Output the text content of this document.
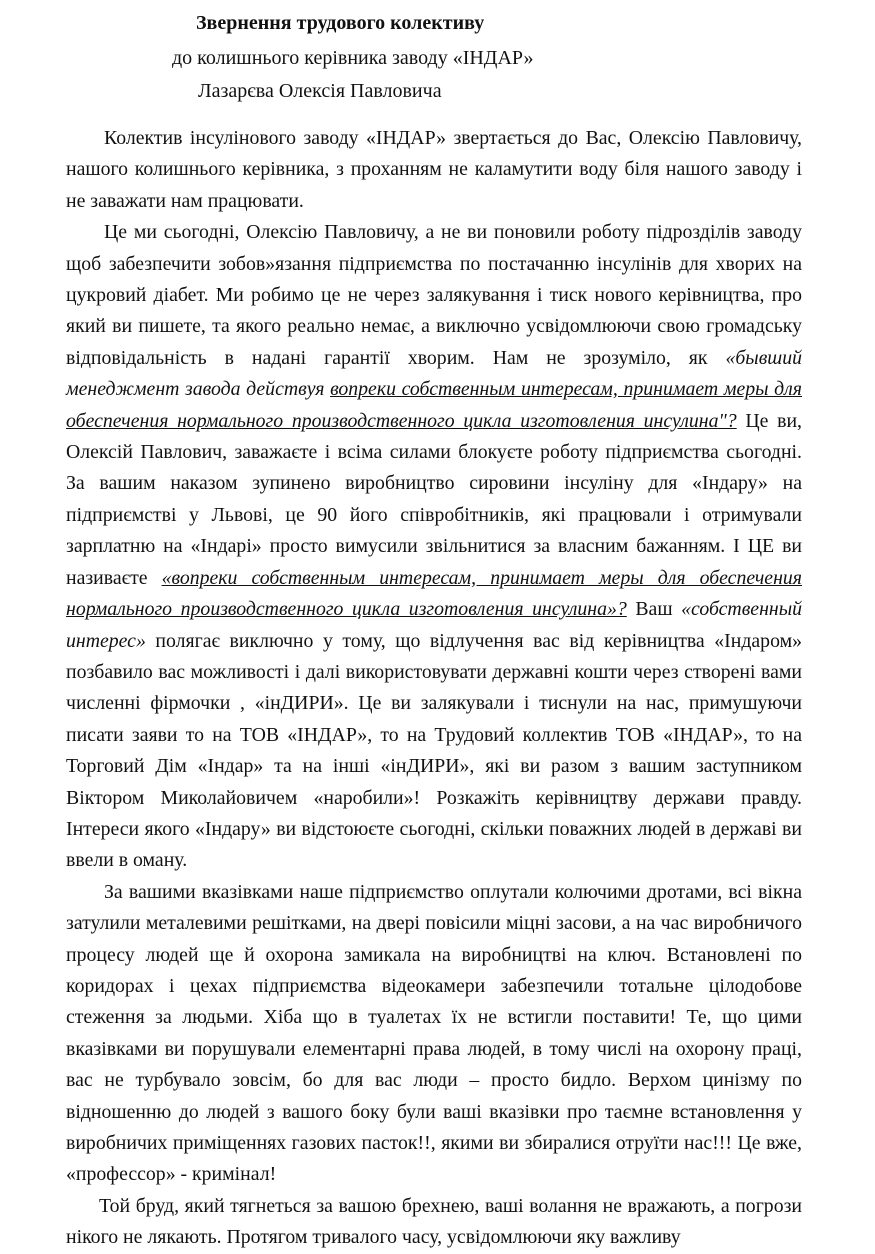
Звернення трудового колективу
до колишнього керівника заводу «ІНДАР»
Лазарєва Олексія Павловича

Колектив інсулінового заводу «ІНДАР» звертається до Вас, Олексію Павловичу, нашого колишнього керівника, з проханням не каламутити воду біля нашого заводу і не заважати нам працювати.

Це ми сьогодні, Олексію Павловичу, а не ви поновили роботу підрозділів заводу щоб забезпечити зобов»язання підприємства по постачанню інсулінів для хворих на цукровий діабет. Ми робимо це не через залякування і тиск нового керівництва, про який ви пишете, та якого реально немає, а виключно усвідомлюючи свою громадську відповідальність в надані гарантії хворим. Нам не зрозуміло, як «бывший менеджмент завода действуя вопреки собственным интересам, принимает меры для обеспечения нормального производственного цикла изготовления инсулина"? Це ви, Олексій Павлович, заважаєте і всіма силами блокуєте роботу підприємства сьогодні. За вашим наказом зупинено виробництво сировини інсуліну для «Індару» на підприємстві у Львові, це 90 його співробітників, які працювали і отримували зарплатню на «Індарі» просто вимусили звільнитися за власним бажанням. І ЦЕ ви називаєте «вопреки собственным интересам, принимает меры для обеспечения нормального производственного цикла изготовления инсулина»? Ваш «собственный интерес» полягає виключно у тому, що відлучення вас від керівництва «Індаром» позбавило вас можливості і далі використовувати державні кошти через створені вами численні фірмочки , «інДИРИ». Це ви залякували і тиснули на нас, примушуючи писати заяви то на ТОВ «ІНДАР», то на Трудовий коллектив ТОВ «ІНДАР», то на Торговий Дім «Індар» та на інші «інДИРИ», які ви разом з вашим заступником Віктором Миколайовичем «наробили»! Розкажіть керівництву держави правду. Інтереси якого «Індару» ви відстоюєте сьогодні, скільки поважних людей в державі ви ввели в оману.

За вашими вказівками наше підприємство оплутали колючими дротами, всі вікна затулили металевими решітками, на двері повісили міцні засови, а на час виробничого процесу людей ще й охорона замикала на виробництві на ключ. Встановлені по коридорах і цехах підприємства відеокамери забезпечили тотальне цілодобове стеження за людьми. Хіба що в туалетах їх не встигли поставити! Те, що цими вказівками ви порушували елементарні права людей, в тому числі на охорону праці, вас не турбувало зовсім, бо для вас люди – просто бидло. Верхом цинізму по відношенню до людей з вашого боку були ваші вказівки про таємне встановлення у виробничих приміщеннях газових пасток!!, якими ви збиралися отруїти нас!!! Це вже, «профессор» - кримінал!

Той бруд, який тягнеться за вашою брехнею, ваші волання не вражають, а погрози нікого не лякають. Протягом тривалого часу, усвідомлюючи яку важливу
